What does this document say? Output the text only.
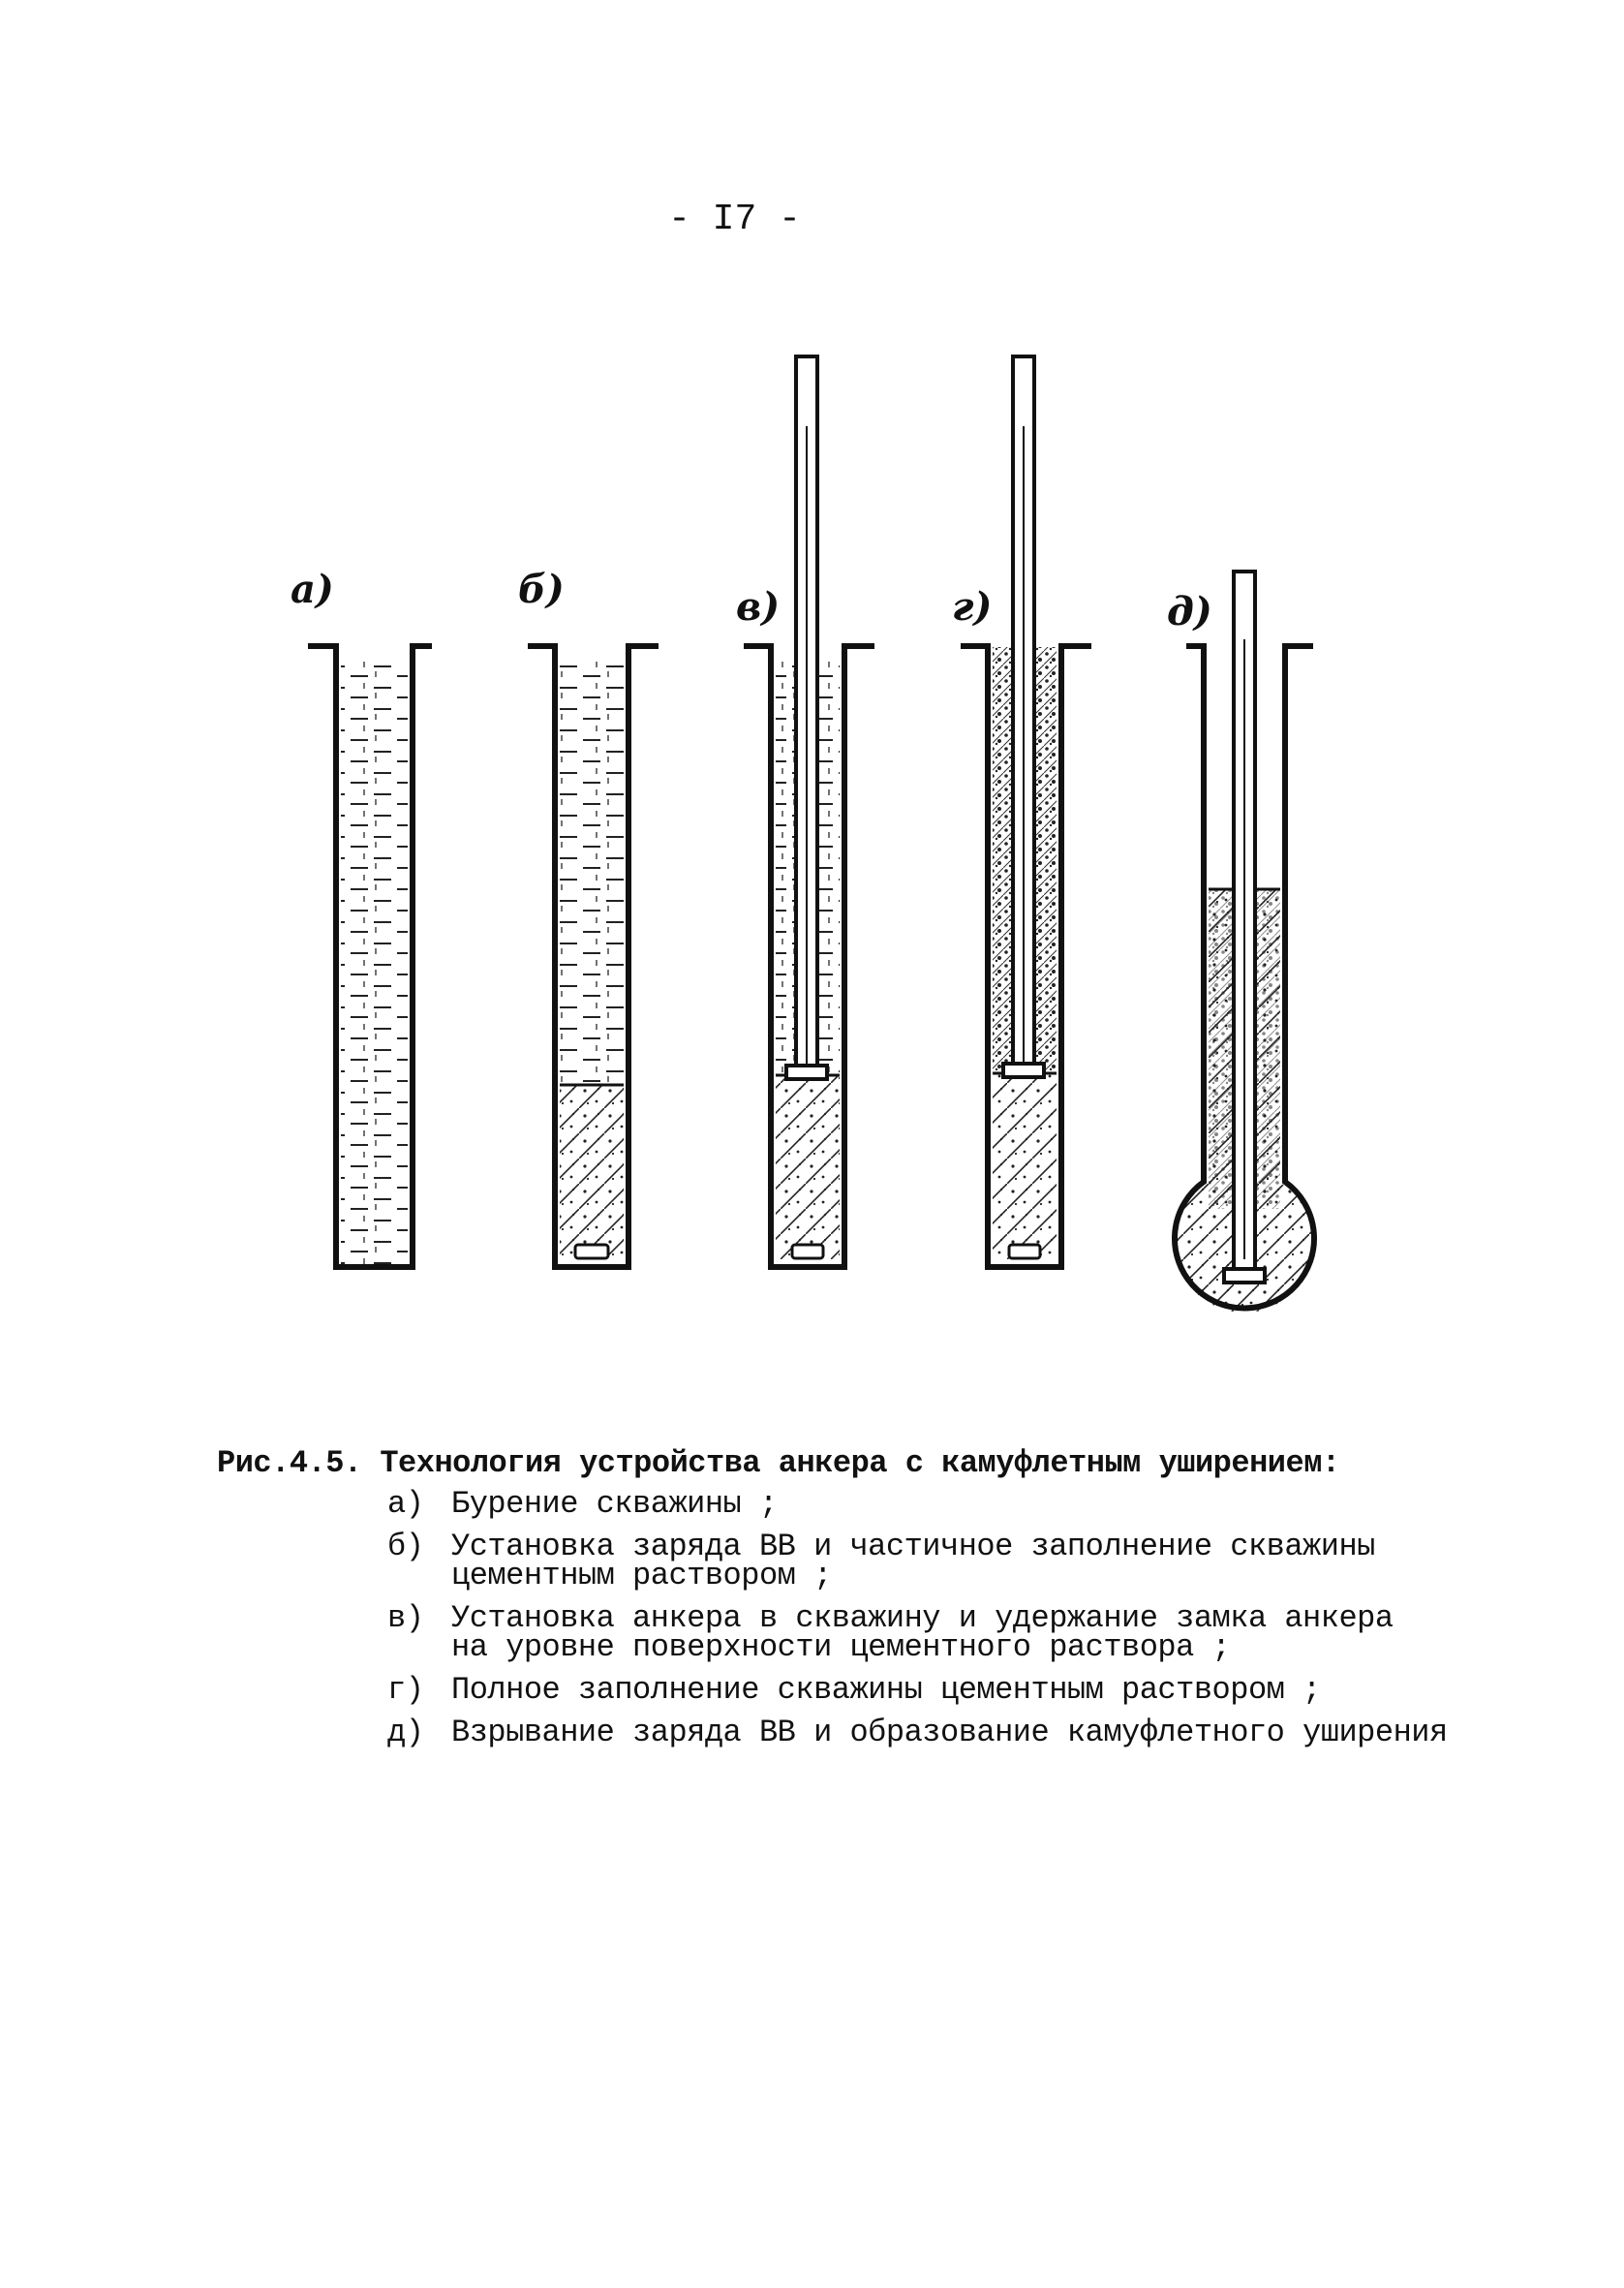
- I7 -
а)	б)	в)	г)	д)

Рис.4.5. Технология устройства анкера с камуфлетным уширением:

а) Бурение скважины ;
б) Установка заряда ВВ и частичное заполнение скважины
цементным раствором ;
в) Установка анкера в скважину и удержание замка анкера
на уровне поверхности цементного раствора ;
г) Полное заполнение скважины цементным раствором ;
д) Взрывание заряда ВВ и образование камуфлетного уширения
